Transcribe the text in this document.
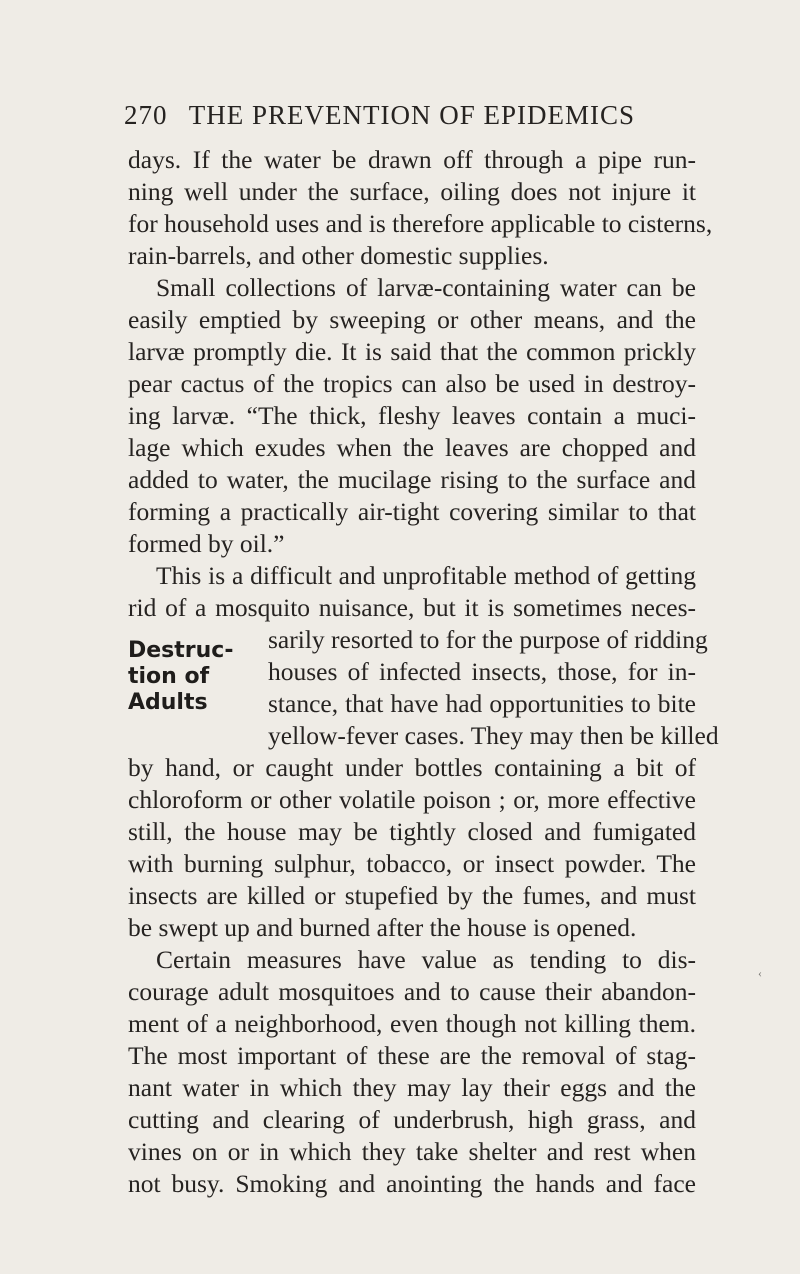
270 THE PREVENTION OF EPIDEMICS
Destruc-
tion of
Adults
days. If the water be drawn off through a pipe run-
ning well under the surface, oiling does not injure it
for household uses and is therefore applicable to cisterns,
rain-barrels, and other domestic supplies.
Small collections of larvæ-containing water can be
easily emptied by sweeping or other means, and the
larvæ promptly die. It is said that the common prickly
pear cactus of the tropics can also be used in destroy-
ing larvæ. “The thick, fleshy leaves contain a muci-
lage which exudes when the leaves are chopped and
added to water, the mucilage rising to the surface and
forming a practically air-tight covering similar to that
formed by oil.”
This is a difficult and unprofitable method of getting
rid of a mosquito nuisance, but it is sometimes neces-
sarily resorted to for the purpose of ridding
houses of infected insects, those, for in-
stance, that have had opportunities to bite
yellow-fever cases. They may then be killed
by hand, or caught under bottles containing a bit of
chloroform or other volatile poison ; or, more effective
still, the house may be tightly closed and fumigated
with burning sulphur, tobacco, or insect powder. The
insects are killed or stupefied by the fumes, and must
be swept up and burned after the house is opened.
Certain measures have value as tending to dis-
courage adult mosquitoes and to cause their abandon-
ment of a neighborhood, even though not killing them.
The most important of these are the removal of stag-
nant water in which they may lay their eggs and the
cutting and clearing of underbrush, high grass, and
vines on or in which they take shelter and rest when
not busy. Smoking and anointing the hands and face
‹
